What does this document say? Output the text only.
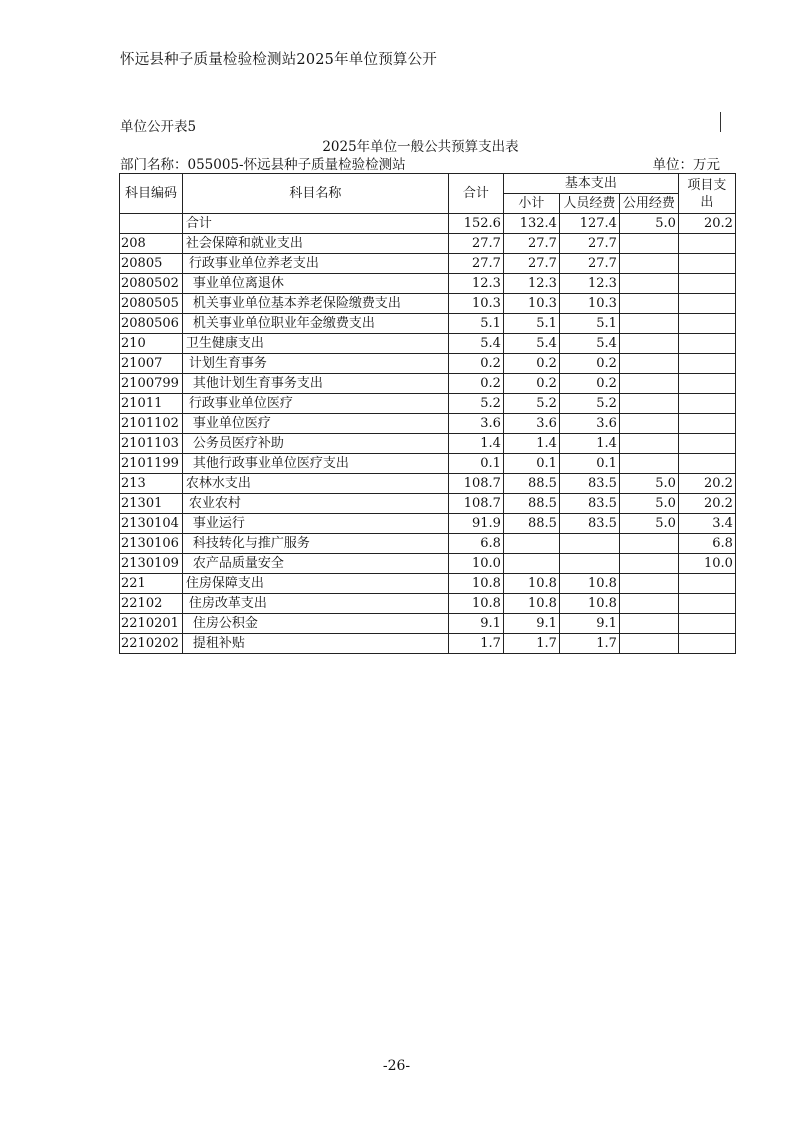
怀远县种子质量检验检测站2025年单位预算公开
单位公开表5
2025年单位一般公共预算支出表
部门名称：055005-怀远县种子质量检验检测站	单位：万元
科目编码	科目名称	合计	基本支出			项目支出
			小计	人员经费	公用经费	
	合计	152.6	132.4	127.4	5.0	20.2
208	社会保障和就业支出	27.7	27.7	27.7		
20805	行政事业单位养老支出	27.7	27.7	27.7		
2080502	事业单位离退休	12.3	12.3	12.3		
2080505	机关事业单位基本养老保险缴费支出	10.3	10.3	10.3		
2080506	机关事业单位职业年金缴费支出	5.1	5.1	5.1		
210	卫生健康支出	5.4	5.4	5.4		
21007	计划生育事务	0.2	0.2	0.2		
2100799	其他计划生育事务支出	0.2	0.2	0.2		
21011	行政事业单位医疗	5.2	5.2	5.2		
2101102	事业单位医疗	3.6	3.6	3.6		
2101103	公务员医疗补助	1.4	1.4	1.4		
2101199	其他行政事业单位医疗支出	0.1	0.1	0.1		
213	农林水支出	108.7	88.5	83.5	5.0	20.2
21301	农业农村	108.7	88.5	83.5	5.0	20.2
2130104	事业运行	91.9	88.5	83.5	5.0	3.4
2130106	科技转化与推广服务	6.8				6.8
2130109	农产品质量安全	10.0				10.0
221	住房保障支出	10.8	10.8	10.8		
22102	住房改革支出	10.8	10.8	10.8		
2210201	住房公积金	9.1	9.1	9.1		
2210202	提租补贴	1.7	1.7	1.7		
-26-
